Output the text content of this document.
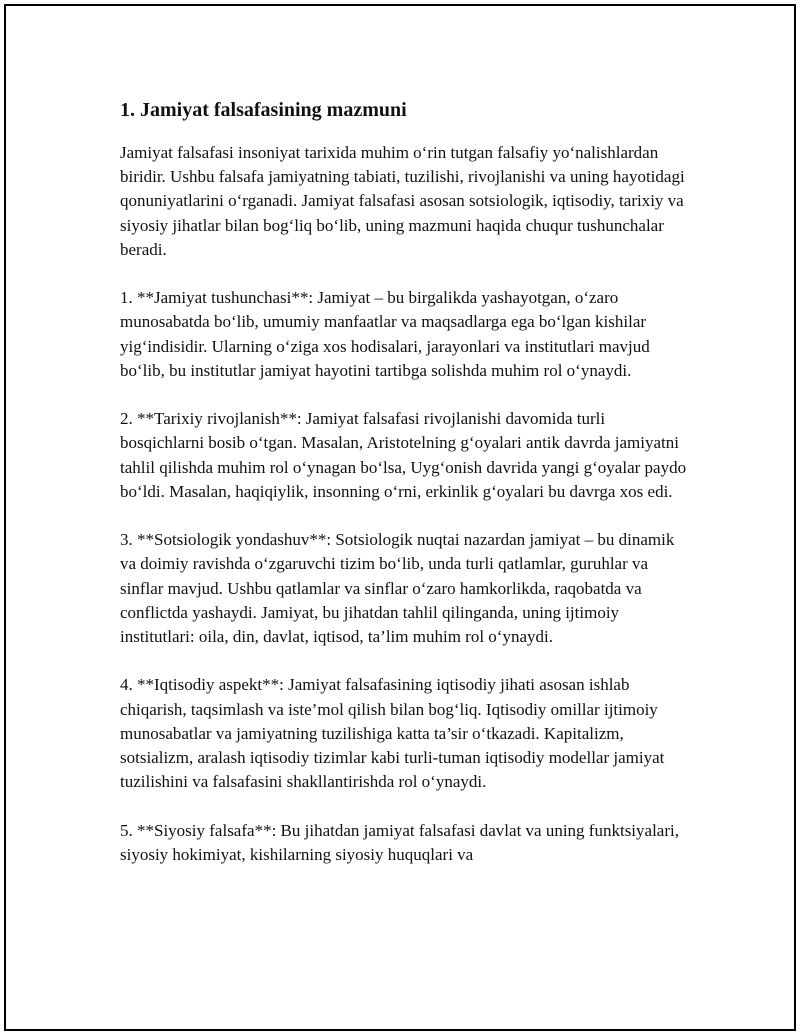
1. Jamiyat falsafasining mazmuni

Jamiyat falsafasi insoniyat tarixida muhim o‘rin tutgan falsafiy yo‘nalishlardan biridir. Ushbu falsafa jamiyatning tabiati, tuzilishi, rivojlanishi va uning hayotidagi qonuniyatlarini o‘rganadi. Jamiyat falsafasi asosan sotsiologik, iqtisodiy, tarixiy va siyosiy jihatlar bilan bog‘liq bo‘lib, uning mazmuni haqida chuqur tushunchalar beradi.

1. **Jamiyat tushunchasi**: Jamiyat – bu birgalikda yashayotgan, o‘zaro munosabatda bo‘lib, umumiy manfaatlar va maqsadlarga ega bo‘lgan kishilar yig‘indisidir. Ularning o‘ziga xos hodisalari, jarayonlari va institutlari mavjud bo‘lib, bu institutlar jamiyat hayotini tartibga solishda muhim rol o‘ynaydi.

2. **Tarixiy rivojlanish**: Jamiyat falsafasi rivojlanishi davomida turli bosqichlarni bosib o‘tgan. Masalan, Aristotelning g‘oyalari antik davrda jamiyatni tahlil qilishda muhim rol o‘ynagan bo‘lsa, Uyg‘onish davrida yangi g‘oyalar paydo bo‘ldi. Masalan, haqiqiylik, insonning o‘rni, erkinlik g‘oyalari bu davrga xos edi.

3. **Sotsiologik yondashuv**: Sotsiologik nuqtai nazardan jamiyat – bu dinamik va doimiy ravishda o‘zgaruvchi tizim bo‘lib, unda turli qatlamlar, guruhlar va sinflar mavjud. Ushbu qatlamlar va sinflar o‘zaro hamkorlikda, raqobatda va conflictda yashaydi. Jamiyat, bu jihatdan tahlil qilinganda, uning ijtimoiy institutlari: oila, din, davlat, iqtisod, ta’lim muhim rol o‘ynaydi.

4. **Iqtisodiy aspekt**: Jamiyat falsafasining iqtisodiy jihati asosan ishlab chiqarish, taqsimlash va iste’mol qilish bilan bog‘liq. Iqtisodiy omillar ijtimoiy munosabatlar va jamiyatning tuzilishiga katta ta’sir o‘tkazadi. Kapitalizm, sotsializm, aralash iqtisodiy tizimlar kabi turli-tuman iqtisodiy modellar jamiyat tuzilishini va falsafasini shakllantirishda rol o‘ynaydi.

5. **Siyosiy falsafa**: Bu jihatdan jamiyat falsafasi davlat va uning funktsiyalari, siyosiy hokimiyat, kishilarning siyosiy huquqlari va
